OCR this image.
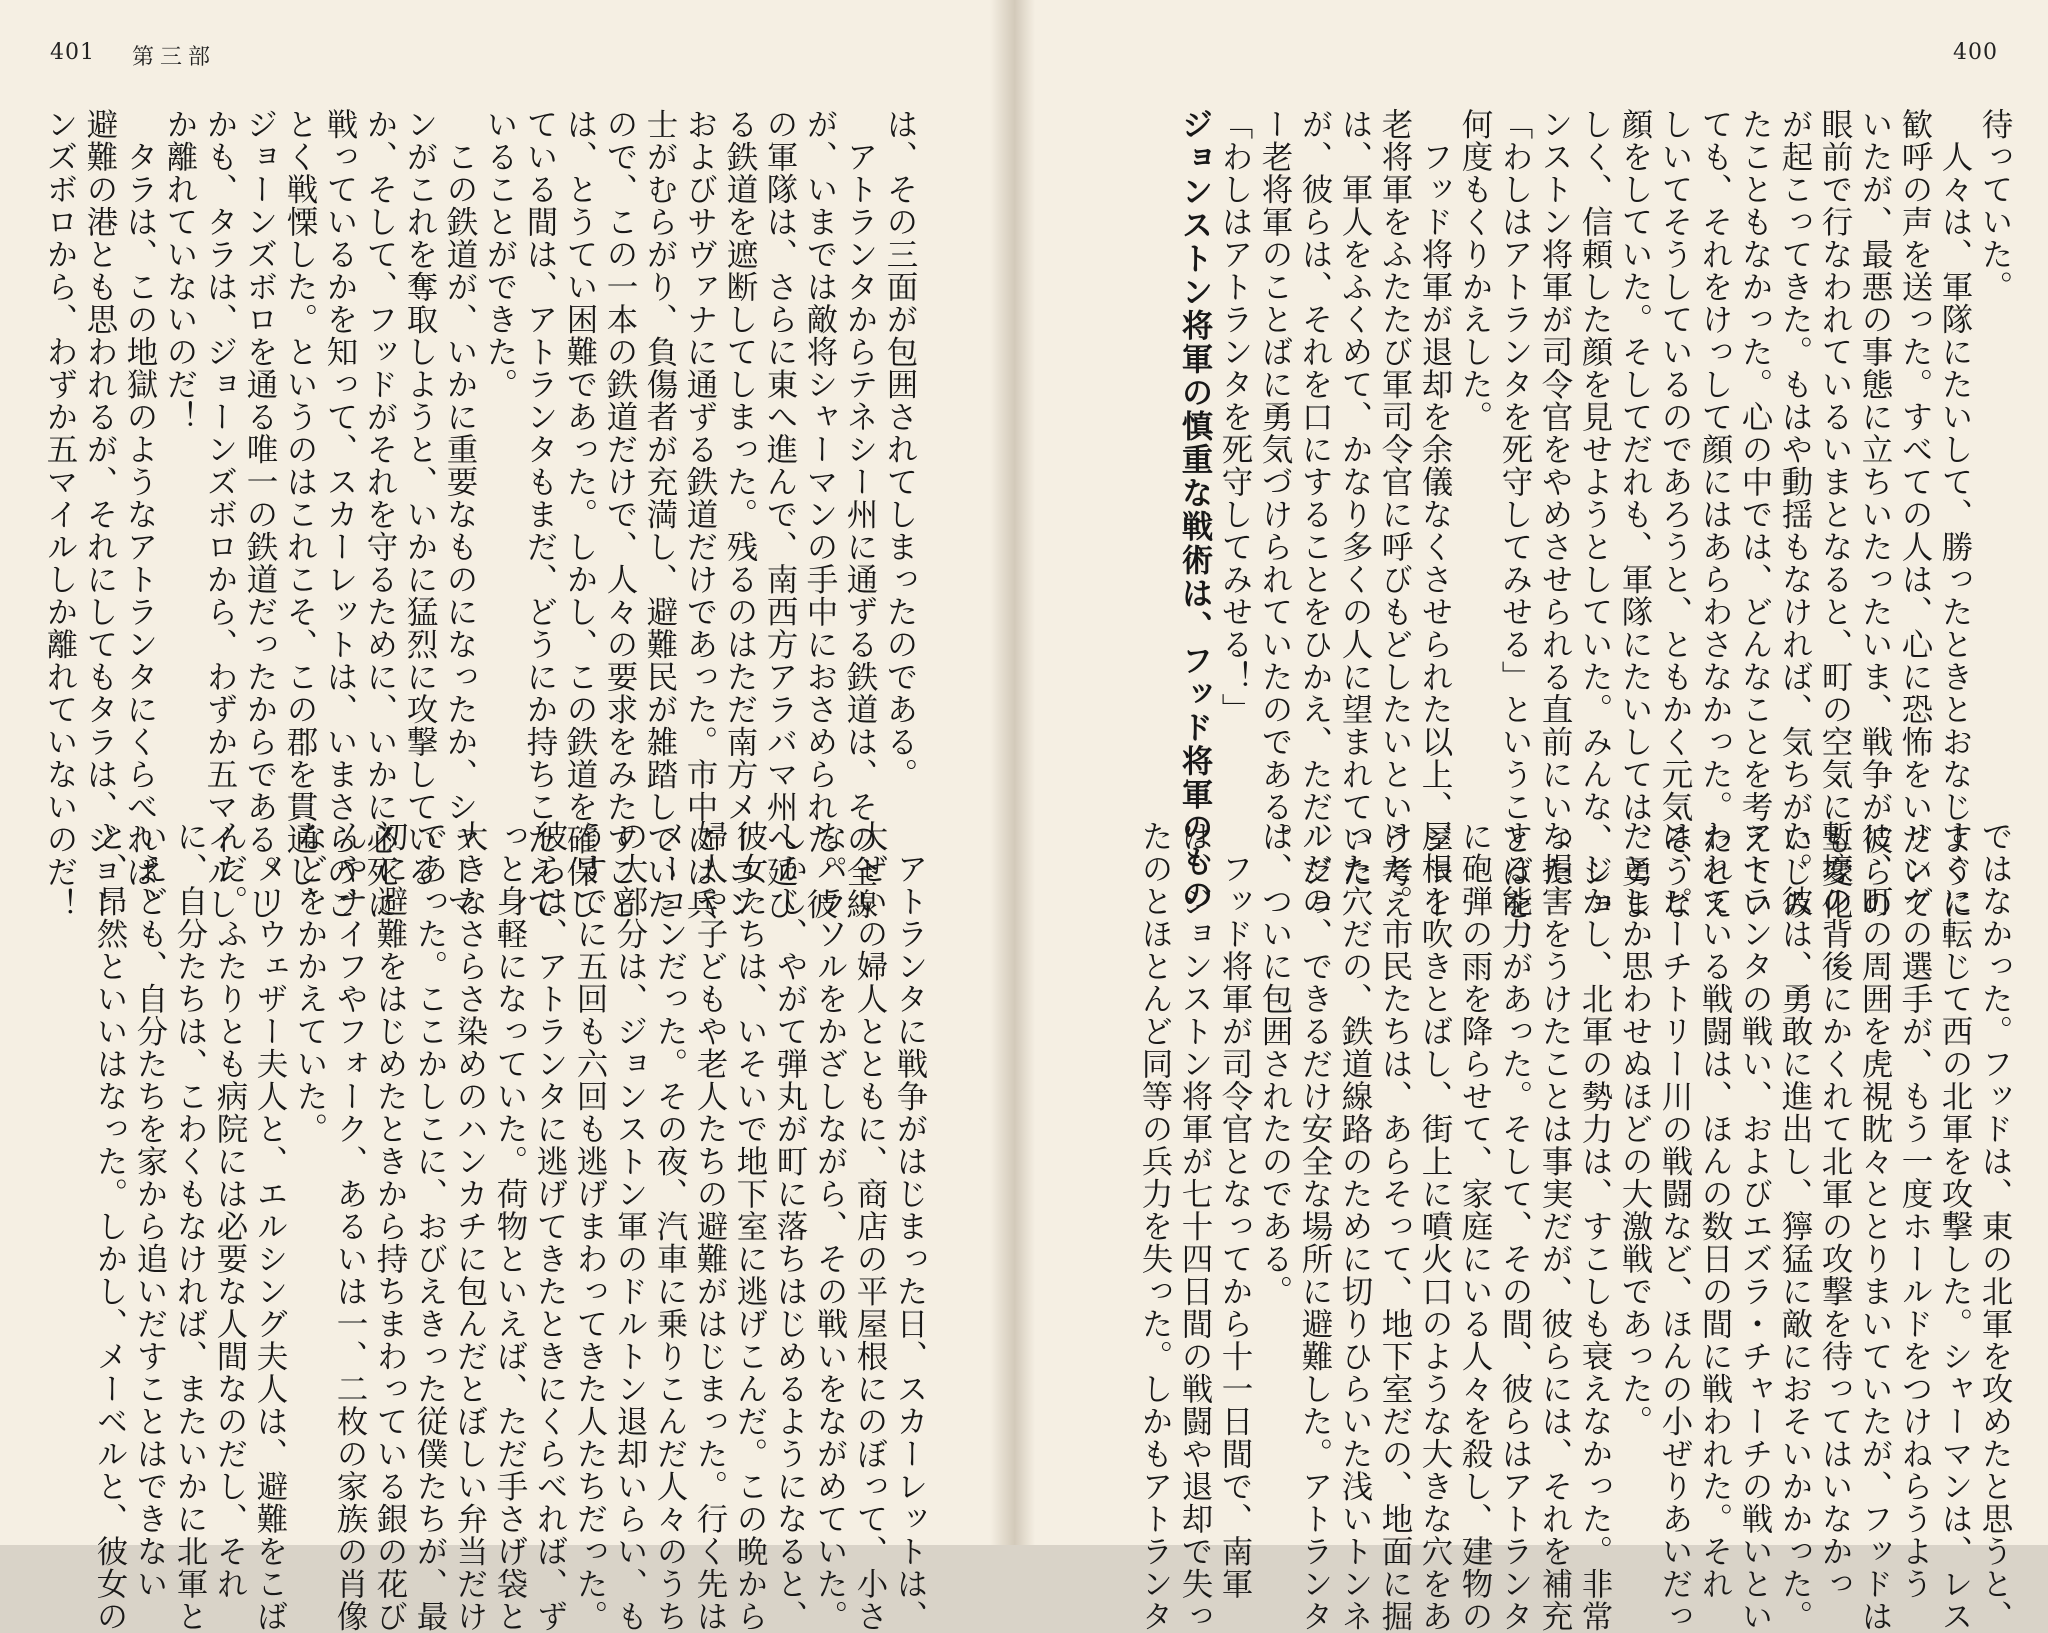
401 第三部
は、その三面が包囲されてしまったのである。
　アトランタからテネシー州に通ずる鉄道は、その全線
が、いまでは敵将シャーマンの手中におさめられた。彼
の軍隊は、さらに東へ進んで、南西方アラバマ州へ延び
る鉄道を遮断してしまった。残るのはただ南方メーコン
およびサヴァナに通ずる鉄道だけであった。市中には兵
士がむらがり、負傷者が充満し、避難民が雑踏していた
ので、この一本の鉄道だけで、人々の要求をみたすこと
は、とうてい困難であった。しかし、この鉄道を確保し
ている間は、アトランタもまだ、どうにか持ちこたえて
いることができた。
　この鉄道が、いかに重要なものになったか、シャーマ
ンがこれを奪取しようと、いかに猛烈に攻撃している
か、そして、フッドがそれを守るために、いかに必死に
戦っているかを知って、スカーレットは、いまさらのご
とく戦慄した。というのはこれこそ、この郡を貫通し、
ジョーンズボロを通る唯一の鉄道だったからである。し
かも、タラは、ジョーンズボロから、わずか五マイルし
か離れていないのだ！
　タラは、この地獄のようなアトランタにくらべれば、
避難の港とも思われるが、それにしてもタラは、ジョー
ンズボロから、わずか五マイルしか離れていないのだ！
　アトランタに戦争がはじまった日、スカーレットは、
大ぜいの婦人とともに、商店の平屋根にのぼって、小さ
なパラソルをかざしながら、その戦いをながめていた。
しかし、やがて弾丸が町に落ちはじめるようになると、
彼女たちは、いそいで地下室に逃げこんだ。この晩から
婦人や子どもや老人たちの避難がはじまった。行く先は
メーコンだった。その夜、汽車に乗りこんだ人々のうち
の大部分は、ジョンストン軍のドルトン退却いらい、も
うすでに五回も六回も逃げまわってきた人たちだった。
彼らは、アトランタに逃げてきたときにくらべれば、ず
っと身軽になっていた。荷物といえば、ただ手さげ袋と
大きなさらさ染めのハンカチに包んだとぼしい弁当だけ
であった。ここかしこに、おびえきった従僕たちが、最
初に避難をはじめたときから持ちまわっている銀の花び
んやナイフやフォーク、あるいは一、二枚の家族の肖像
などをかかえていた。
　メリウェザー夫人と、エルシング夫人は、避難をこば
んだ。ふたりとも病院には必要な人間なのだし、それ
に、自分たちは、こわくもなければ、またいかに北軍と
いえども、自分たちを家から追いだすことはできない
と、昂然といいはなった。しかし、メーベルと、彼女の
400
待っていた。
　人々は、軍隊にたいして、勝ったときとおなじように
歓呼の声を送った。すべての人は、心に恐怖をいだいて
いたが、最悪の事態に立ちいたったいま、戦争が彼らの
眼前で行なわれているいまとなると、町の空気にも変化
が起こってきた。もはや動揺もなければ、気ちがいじみ
たこともなかった。心の中では、どんなことを考えてい
ても、それをけっして顔にはあらわさなかった。たとえ
しいてそうしているのであろうと、ともかく元気そうな
顔をしていた。そしてだれも、軍隊にたいしては、勇ま
しく、信頼した顔を見せようとしていた。みんな、ジョ
ンストン将軍が司令官をやめさせられる直前にいった
「わしはアトランタを死守してみせる」ということばを、
何度もくりかえした。
　フッド将軍が退却を余儀なくさせられた以上、ジョー
老将軍をふたたび軍司令官に呼びもどしたいという考え
は、軍人をふくめて、かなり多くの人に望まれていた
が、彼らは、それを口にすることをひかえ、ただ、ジョ
ー老将軍のことばに勇気づけられていたのである。
「わしはアトランタを死守してみせる！」
ジョンストン将軍の慎重な戦術は、フッド将軍のもの
ではなかった。フッドは、東の北軍を攻めたと思うと、
すぐに転じて西の北軍を攻撃した。シャーマンは、レス
リングの選手が、もう一度ホールドをつけねらうよう
に、町の周囲を虎視眈々ととりまいていたが、フッドは
塹壕の背後にかくれて北軍の攻撃を待ってはいなかっ
た。彼は、勇敢に進出し、獰猛に敵におそいかかった。
アトランタの戦い、およびエズラ・チャーチの戦いとい
われている戦闘は、ほんの数日の間に戦われた。それ
は、ピーチトリー川の戦闘など、ほんの小ぜりあいだっ
たとしか思わせぬほどの大激戦であった。
　しかし、北軍の勢力は、すこしも衰えなかった。非常
な損害をうけたことは事実だが、彼らには、それを補充
する能力があった。そして、その間、彼らはアトランタ
に砲弾の雨を降らせて、家庭にいる人々を殺し、建物の
屋根を吹きとばし、街上に噴火口のような大きな穴をあ
けた。市民たちは、あらそって、地下室だの、地面に掘
った穴だの、鉄道線路のために切りひらいた浅いトンネ
ルだの、できるだけ安全な場所に避難した。アトランタ
は、ついに包囲されたのである。
　フッド将軍が司令官となってから十一日間で、南軍
は、ジョンストン将軍が七十四日間の戦闘や退却で失っ
たのとほとんど同等の兵力を失った。しかもアトランタ
